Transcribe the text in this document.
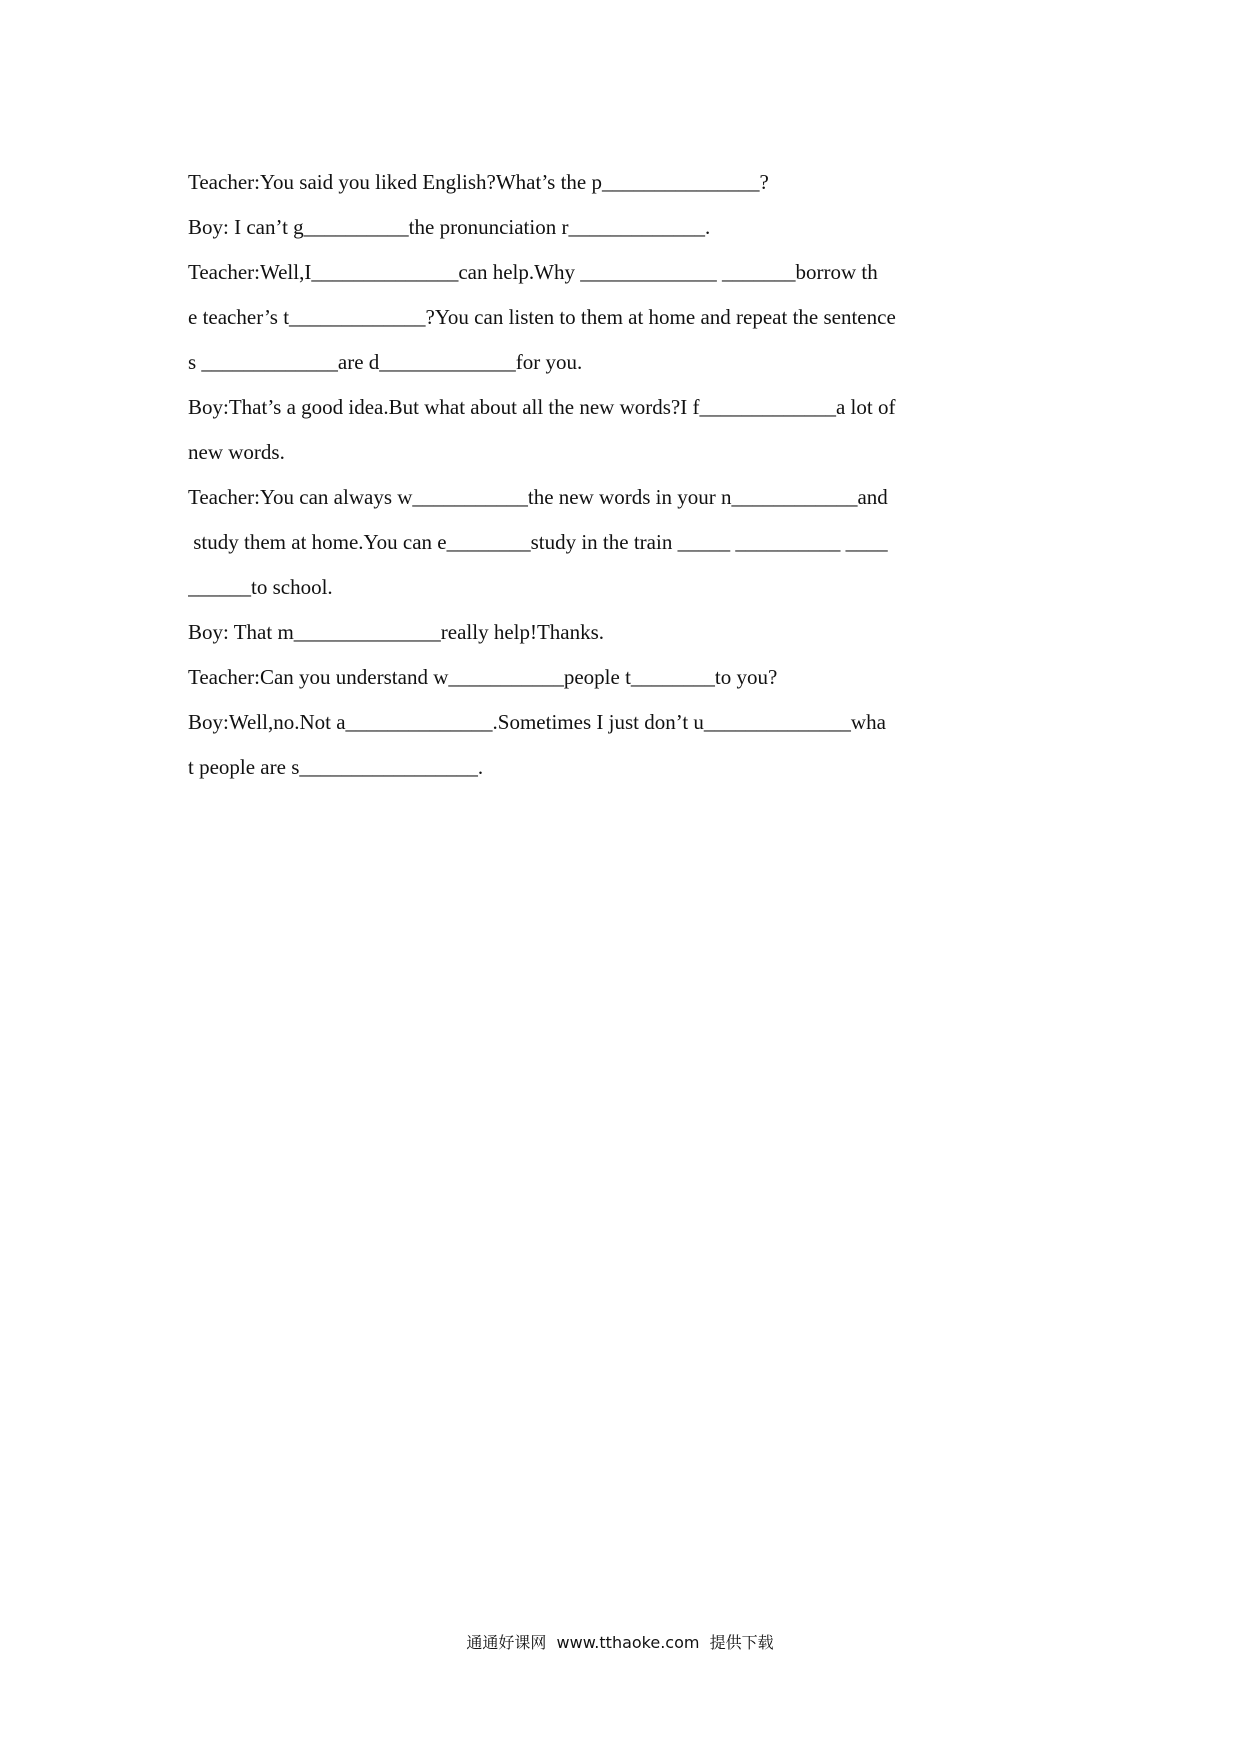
Teacher:You said you liked English?What’s the p_______________?
Boy: I can’t g__________the pronunciation r_____________.
Teacher:Well,I______________can help.Why _____________ _______borrow th
e teacher’s t_____________?You can listen to them at home and repeat the sentence
s _____________are d_____________for you.
Boy:That’s a good idea.But what about all the new words?I f_____________a lot of
new words.
Teacher:You can always w___________the new words in your n____________and
study them at home.You can e________study in the train _____ __________ ____
______to school.
Boy: That m______________really help!Thanks.
Teacher:Can you understand w___________people t________to you?
Boy:Well,no.Not a______________.Sometimes I just don’t u______________wha
t people are s_________________.
通通好课网  www.tthaoke.com  提供下载
